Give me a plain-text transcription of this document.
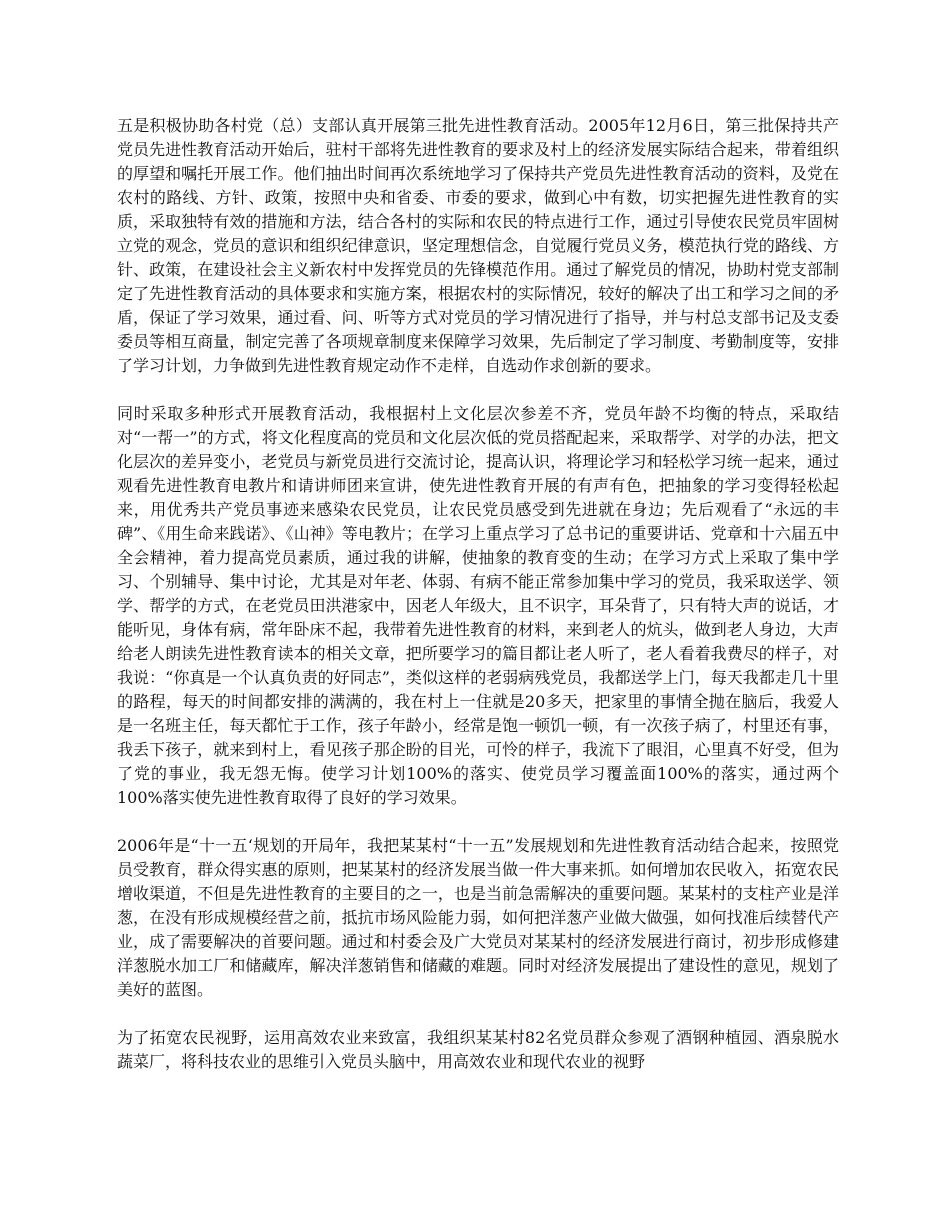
五是积极协助各村党（总）支部认真开展第三批先进性教育活动。2005年12月6日，第三批保持共产党员先进性教育活动开始后，驻村干部将先进性教育的要求及村上的经济发展实际结合起来，带着组织的厚望和嘱托开展工作。他们抽出时间再次系统地学习了保持共产党员先进性教育活动的资料，及党在农村的路线、方针、政策，按照中央和省委、市委的要求，做到心中有数，切实把握先进性教育的实质，采取独特有效的措施和方法，结合各村的实际和农民的特点进行工作，通过引导使农民党员牢固树立党的观念，党员的意识和组织纪律意识，坚定理想信念，自觉履行党员义务，模范执行党的路线、方针、政策，在建设社会主义新农村中发挥党员的先锋模范作用。通过了解党员的情况，协助村党支部制定了先进性教育活动的具体要求和实施方案，根据农村的实际情况，较好的解决了出工和学习之间的矛盾，保证了学习效果，通过看、问、听等方式对党员的学习情况进行了指导，并与村总支部书记及支委委员等相互商量，制定完善了各项规章制度来保障学习效果，先后制定了学习制度、考勤制度等，安排了学习计划，力争做到先进性教育规定动作不走样，自选动作求创新的要求。

同时采取多种形式开展教育活动，我根据村上文化层次参差不齐，党员年龄不均衡的特点，采取结对“一帮一”的方式，将文化程度高的党员和文化层次低的党员搭配起来，采取帮学、对学的办法，把文化层次的差异变小，老党员与新党员进行交流讨论，提高认识，将理论学习和轻松学习统一起来，通过观看先进性教育电教片和请讲师团来宣讲，使先进性教育开展的有声有色，把抽象的学习变得轻松起来，用优秀共产党员事迹来感染农民党员，让农民党员感受到先进就在身边；先后观看了“永远的丰碑”、《用生命来践诺》、《山神》等电教片；在学习上重点学习了总书记的重要讲话、党章和十六届五中全会精神，着力提高党员素质，通过我的讲解，使抽象的教育变的生动；在学习方式上采取了集中学习、个别辅导、集中讨论，尤其是对年老、体弱、有病不能正常参加集中学习的党员，我采取送学、领学、帮学的方式，在老党员田洪港家中，因老人年级大，且不识字，耳朵背了，只有特大声的说话，才能听见，身体有病，常年卧床不起，我带着先进性教育的材料，来到老人的炕头，做到老人身边，大声给老人朗读先进性教育读本的相关文章，把所要学习的篇目都让老人听了，老人看着我费尽的样子，对我说：“你真是一个认真负责的好同志”，类似这样的老弱病残党员，我都送学上门，每天我都走几十里的路程，每天的时间都安排的满满的，我在村上一住就是20多天，把家里的事情全抛在脑后，我爱人是一名班主任，每天都忙于工作，孩子年龄小，经常是饱一顿饥一顿，有一次孩子病了，村里还有事，我丢下孩子，就来到村上，看见孩子那企盼的目光，可怜的样子，我流下了眼泪，心里真不好受，但为了党的事业，我无怨无悔。使学习计划100%的落实、使党员学习覆盖面100%的落实，通过两个100%落实使先进性教育取得了良好的学习效果。

2006年是“十一五‘规划的开局年，我把某某村“十一五”发展规划和先进性教育活动结合起来，按照党员受教育，群众得实惠的原则，把某某村的经济发展当做一件大事来抓。如何增加农民收入，拓宽农民增收渠道，不但是先进性教育的主要目的之一，也是当前急需解决的重要问题。某某村的支柱产业是洋葱，在没有形成规模经营之前，抵抗市场风险能力弱，如何把洋葱产业做大做强，如何找准后续替代产业，成了需要解决的首要问题。通过和村委会及广大党员对某某村的经济发展进行商讨，初步形成修建洋葱脱水加工厂和储藏库，解决洋葱销售和储藏的难题。同时对经济发展提出了建设性的意见，规划了美好的蓝图。

为了拓宽农民视野，运用高效农业来致富，我组织某某村82名党员群众参观了酒钢种植园、酒泉脱水蔬菜厂，将科技农业的思维引入党员头脑中，用高效农业和现代农业的视野
